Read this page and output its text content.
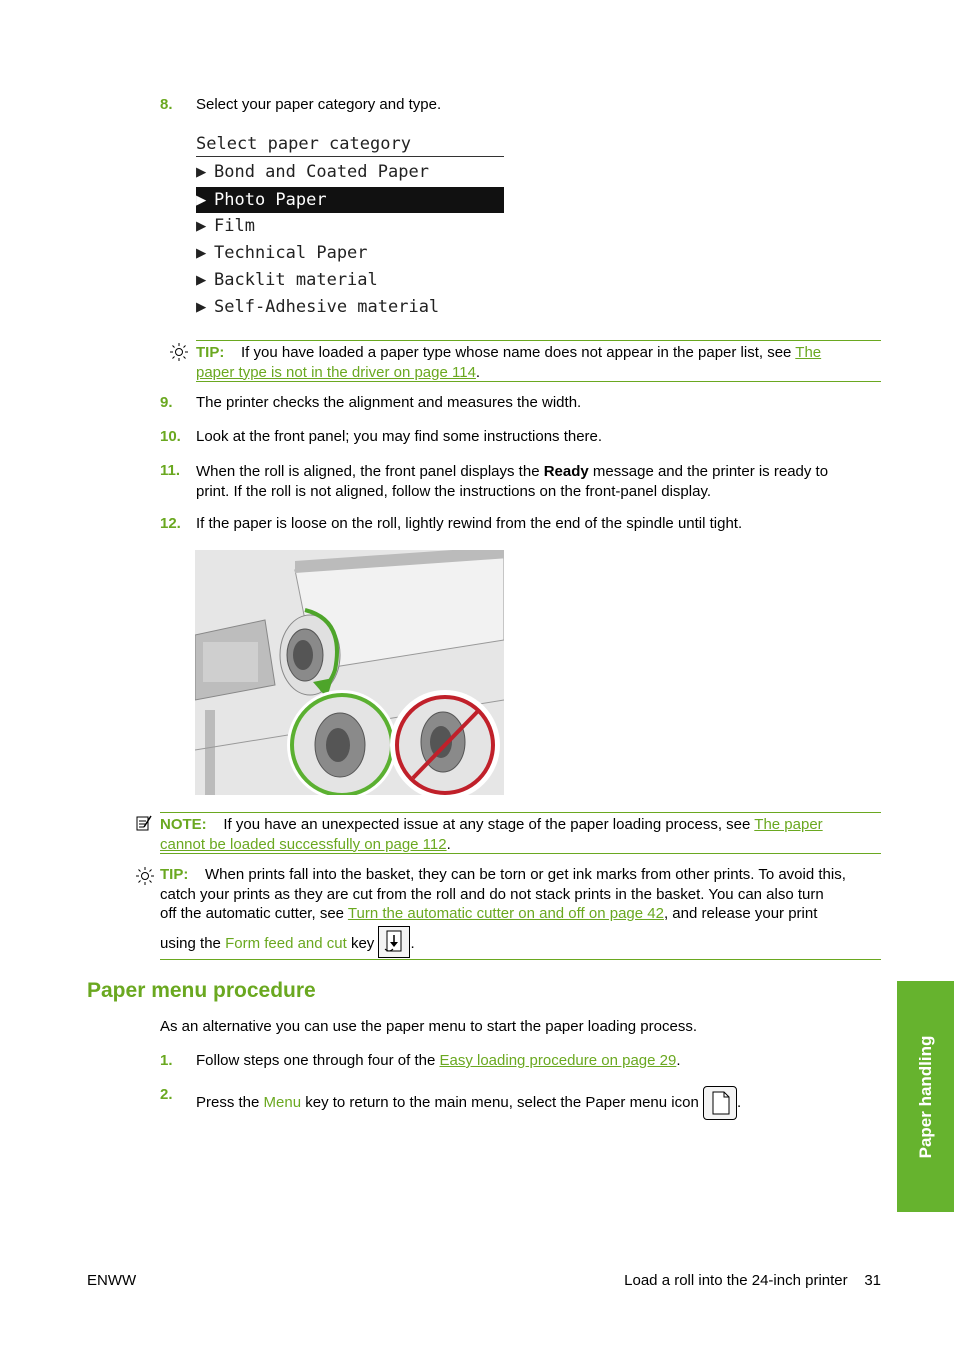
8. Select your paper category and type.
Select paper category
▶ Bond and Coated Paper
▶ Photo Paper
▶ Film
▶ Technical Paper
▶ Backlit material
▶ Self-Adhesive material
TIP: If you have loaded a paper type whose name does not appear in the paper list, see The
paper type is not in the driver on page 114.
9. The printer checks the alignment and measures the width.
10. Look at the front panel; you may find some instructions there.
11. When the roll is aligned, the front panel displays the Ready message and the printer is ready to
print. If the roll is not aligned, follow the instructions on the front-panel display.
12. If the paper is loose on the roll, lightly rewind from the end of the spindle until tight.
NOTE: If you have an unexpected issue at any stage of the paper loading process, see The paper
cannot be loaded successfully on page 112.
TIP: When prints fall into the basket, they can be torn or get ink marks from other prints. To avoid this,
catch your prints as they are cut from the roll and do not stack prints in the basket. You can also turn
off the automatic cutter, see Turn the automatic cutter on and off on page 42, and release your print
using the Form feed and cut key .
Paper menu procedure
As an alternative you can use the paper menu to start the paper loading process.
1. Follow steps one through four of the Easy loading procedure on page 29.
2. Press the Menu key to return to the main menu, select the Paper menu icon	.	Paper handling
ENWW	Load a roll into the 24-inch printer 31
